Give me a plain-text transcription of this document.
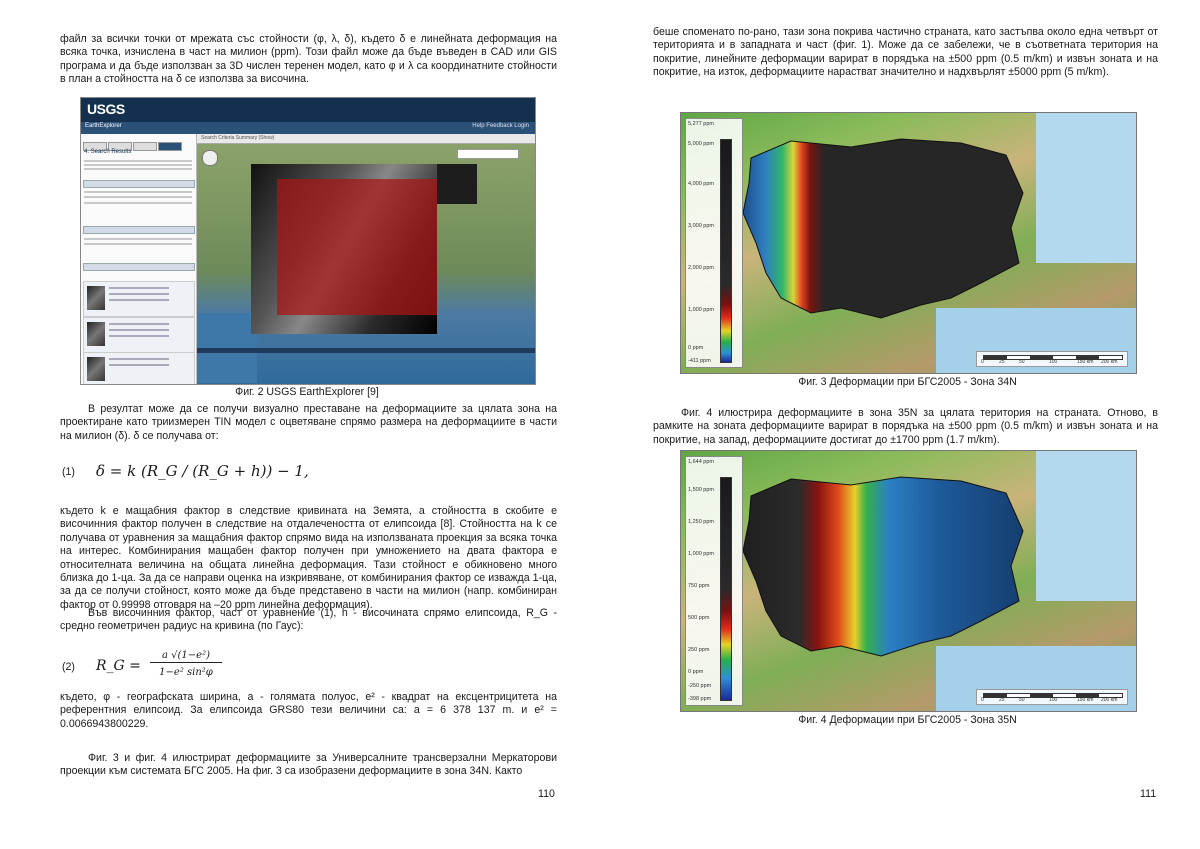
файл за всички точки от мрежата със стойности (φ, λ, δ), където δ е линейната деформация на всяка точка, изчислена в част на милион (ppm). Този файл може да бъде въведен в CAD или GIS програма и да бъде използван за 3D числен теренен модел, като φ и λ са координатните стойности в план а стойността на δ се използва за височина.

USGS
EarthExplorer	Help Feedback Login
4. Search Results
Search Criteria Summary (Show)
Фиг. 2 USGS EarthExplorer [9]

В резултат може да се получи визуално преставане на деформациите за цялата зона на проектиране като триизмерен TIN модел с оцветяване спрямо размера на деформациите в части на милион (δ). δ се получава от:

(1) δ = k (R_G / (R_G + h)) − 1,

където k е мащабния фактор в следствие кривината на Земята, а стойността в скобите е височинния фактор получен в следствие на отдалечеността от елипсоида [8]. Стойността на k се получава от уравнения за мащабния фактор спрямо вида на използваната проекция за всяка точка на интерес. Комбинирания мащабен фактор получен при умножението на двата фактора е относителната величина на общата линейна деформация. Тази стойност е обикновено много близка до 1-ца. За да се направи оценка на изкривяване, от комбинирания фактор се изважда 1-ца, за да се получи стойност, която може да бъде представено в части на милион (напр. комбиниран фактор от 0.99998 отговаря на –20 ppm линейна деформация).

Във височинния фактор, част от уравнение (1), h - височината спрямо елипсоида, R_G - средно геометричен радиус на кривина (по Гаус):

(2) R_G =
a √(1−e²)
1−e² sin²φ

където, φ - географската ширина, a - голямата полуос, e² - квадрат на ексцентрицитета на референтния елипсоид. За елипсоида GRS80 тези величини са: a = 6 378 137 m. и e² = 0.0066943800229.

Фиг. 3 и фиг. 4 илюстрират деформациите за Универсалните трансверзални Меркаторови проекции към системата БГС 2005. На фиг. 3 са изобразени деформациите в зона 34N. Както

110

беше споменато по-рано, тази зона покрива частично страната, като застъпва около една четвърт от територията и в западната и част (фиг. 1). Може да се забележи, че в съответната територия на покритие, линейните деформации варират в порядъка на ±500 ppm (0.5 m/km) и извън зоната и на покритие, на изток, деформациите нарастват значително и надхвърлят ±5000 ppm (5 m/km).

5,277 ppm
5,000 ppm
4,000 ppm
3,000 ppm
2,000 ppm
1,000 ppm
0 ppm
-411 ppm	0	25	50	100	150 km 200 km
Фиг. 3 Деформации при БГС2005 - Зона 34N

Фиг. 4 илюстрира деформациите в зона 35N за цялата територия на страната. Отново, в рамките на зоната деформациите варират в порядъка на ±500 ppm (0.5 m/km) и извън зоната и на покритие, на запад, деформациите достигат до ±1700 ppm (1.7 m/km).

1,644 ppm
1,500 ppm
1,250 ppm
1,000 ppm
750 ppm
500 ppm
250 ppm
0 ppm
-250 ppm
-398 ppm	0	25	50	100	150 km 200 km
Фиг. 4 Деформации при БГС2005 - Зона 35N
111
